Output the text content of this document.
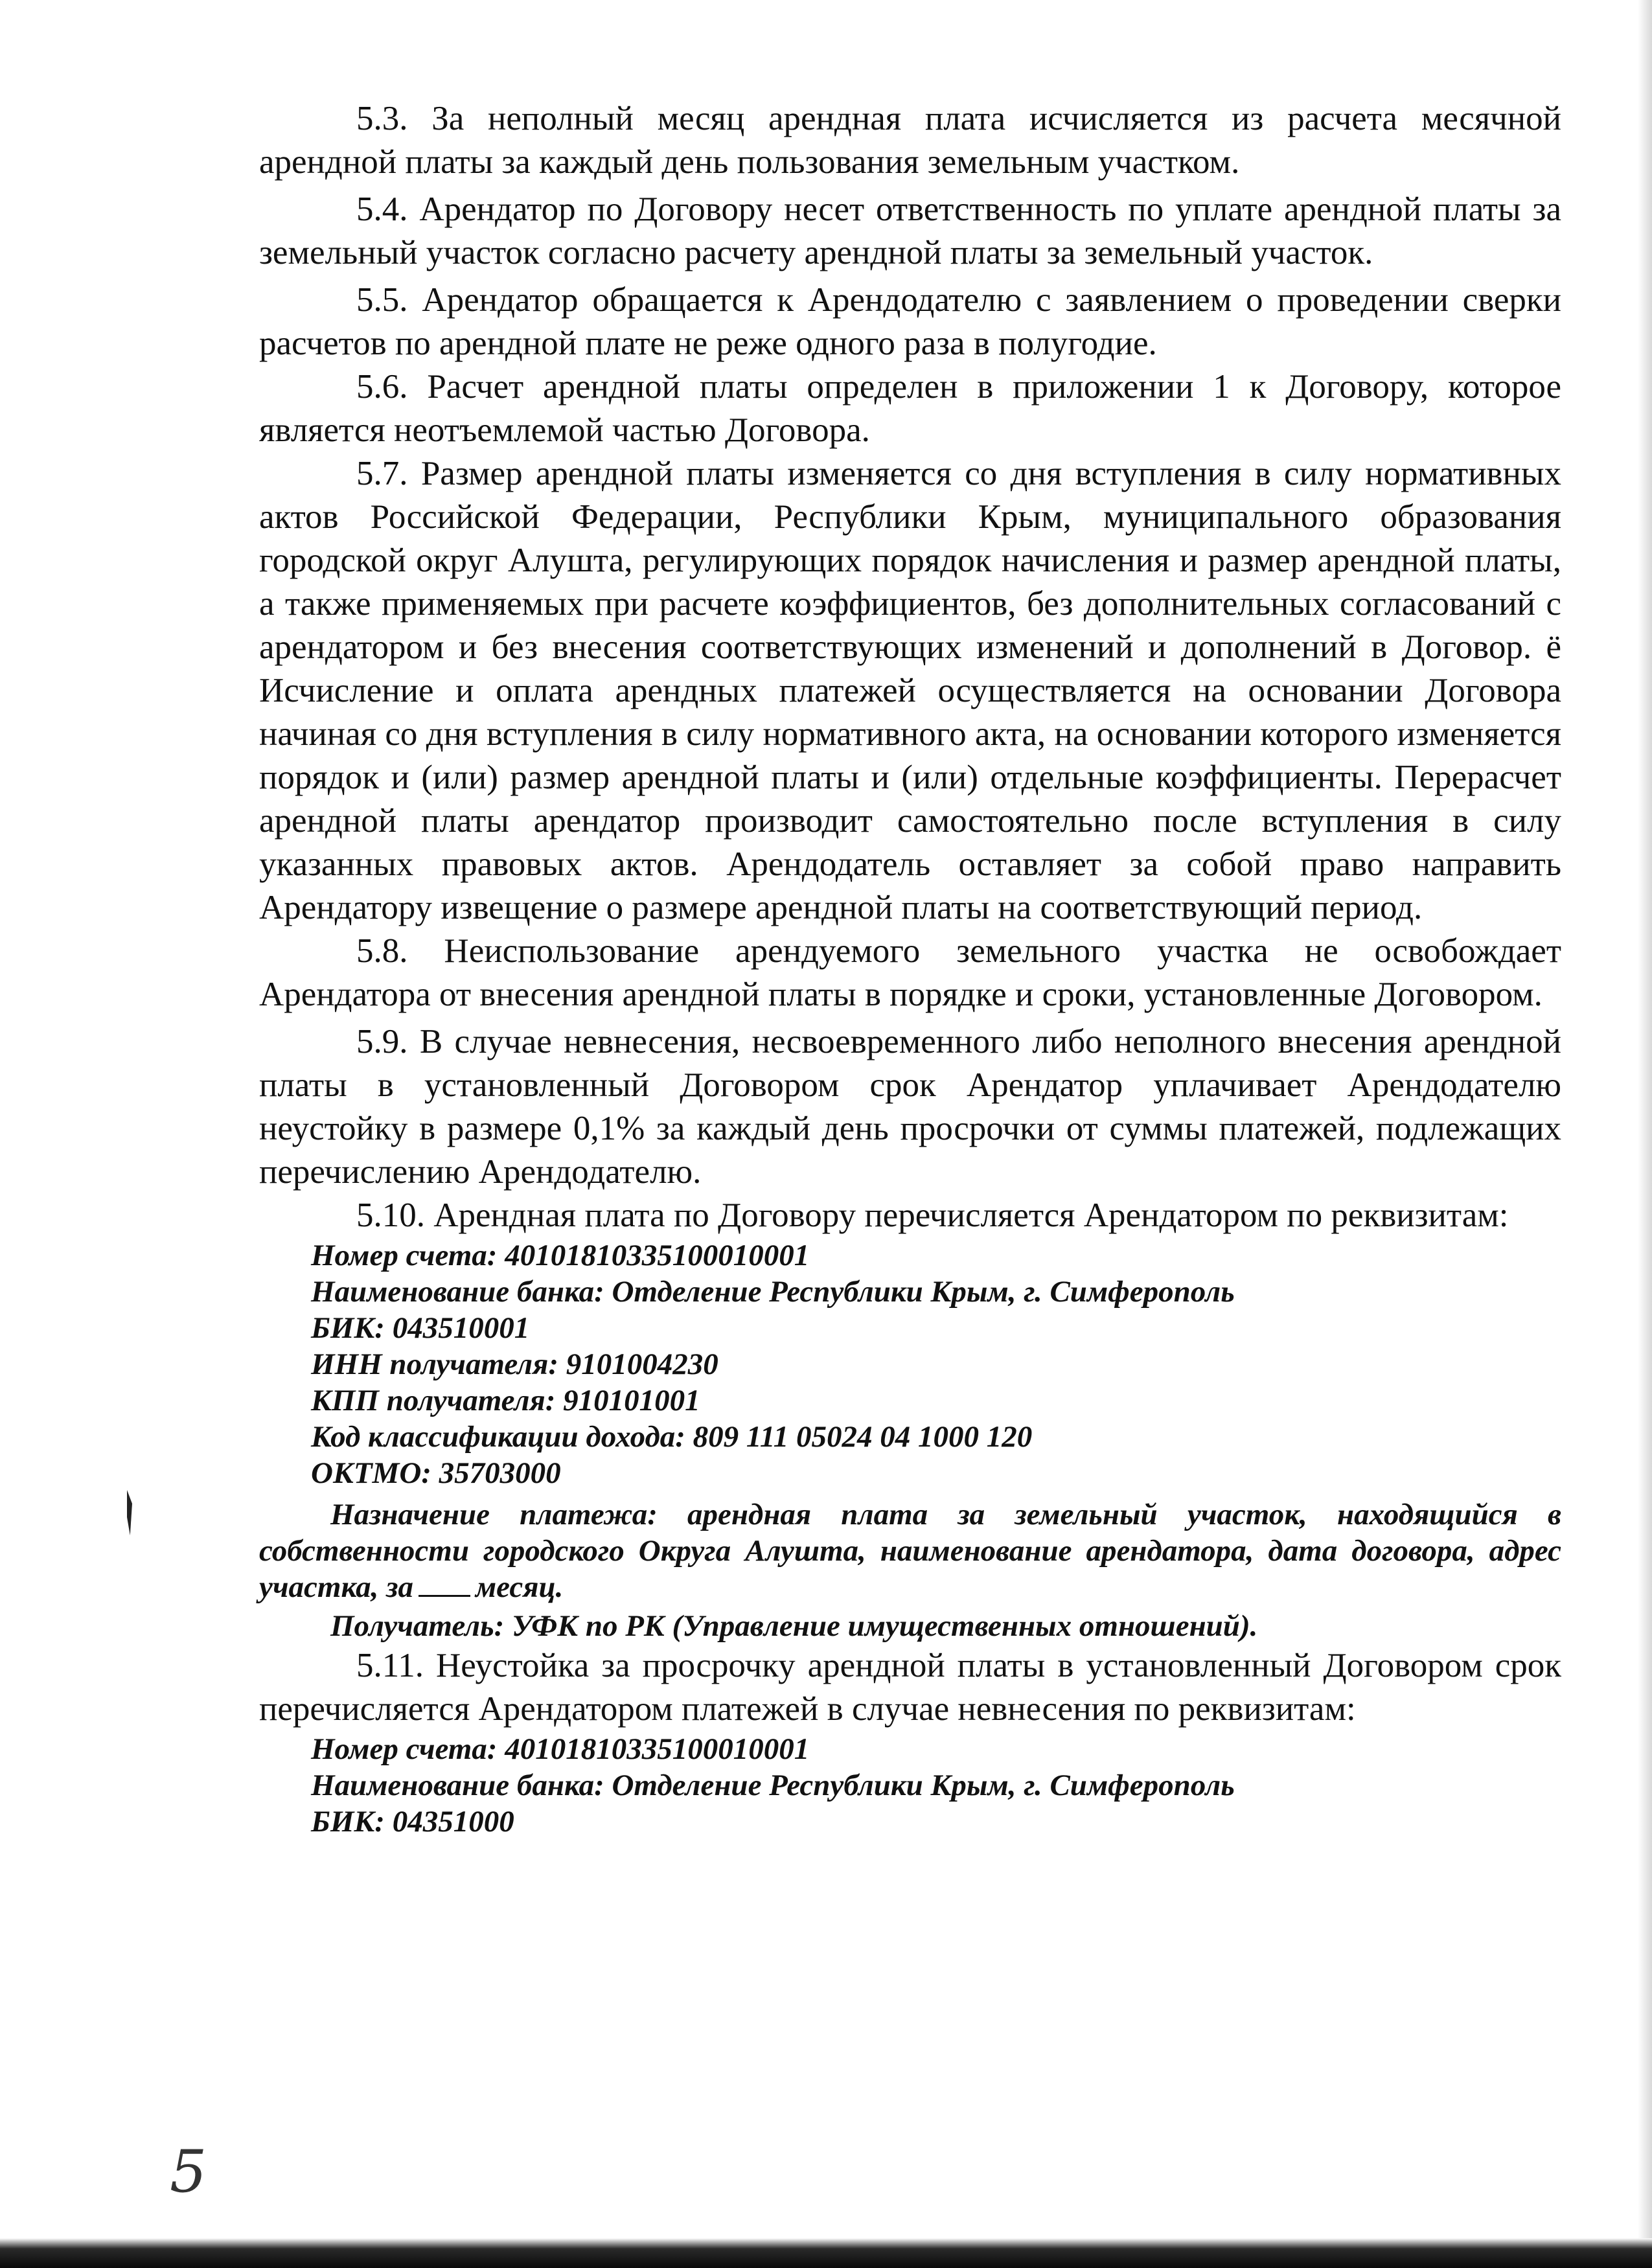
5.3. За неполный месяц арендная плата исчисляется из расчета месячной арендной платы за каждый день пользования земельным участком.

5.4. Арендатор по Договору несет ответственность по уплате арендной платы за земельный участок согласно расчету арендной платы за земельный участок.

5.5. Арендатор обращается к Арендодателю с заявлением о проведении сверки расчетов по арендной плате не реже одного раза в полугодие.

5.6. Расчет арендной платы определен в приложении 1 к Договору, которое является неотъемлемой частью Договора.

5.7. Размер арендной платы изменяется со дня вступления в силу нормативных актов Российской Федерации, Республики Крым, муниципального образования городской округ Алушта, регулирующих порядок начисления и размер арендной платы, а также применяемых при расчете коэффициентов, без дополнительных согласований с арендатором и без внесения соответствующих изменений и дополнений в Договор. ё Исчисление и оплата арендных платежей осуществляется на основании Договора начиная со дня вступления в силу нормативного акта, на основании которого изменяется порядок и (или) размер арендной платы и (или) отдельные коэффициенты. Перерасчет арендной платы арендатор производит самостоятельно после вступления в силу указанных правовых актов. Арендодатель оставляет за собой право направить Арендатору извещение о размере арендной платы на соответствующий период.

5.8. Неиспользование арендуемого земельного участка не освобождает Арендатора от внесения арендной платы в порядке и сроки, установленные Договором.

5.9. В случае невнесения, несвоевременного либо неполного внесения арендной платы в установленный Договором срок Арендатор уплачивает Арендодателю неустойку в размере 0,1% за каждый день просрочки от суммы платежей, подлежащих перечислению Арендодателю.

5.10. Арендная плата по Договору перечисляется Арендатором по реквизитам:

Номер счета: 40101810335100010001
Наименование банка: Отделение Республики Крым, г. Симферополь
БИК: 043510001
ИНН получателя: 9101004230
КПП получателя: 910101001
Код классификации дохода: 809 111 05024 04 1000 120
ОКТМО: 35703000

Назначение платежа: арендная плата за земельный участок, находящийся в собственности городского Округа Алушта, наименование арендатора, дата договора, адрес участка, за месяц.

Получатель: УФК по РК (Управление имущественных отношений).

5.11. Неустойка за просрочку арендной платы в установленный Договором срок перечисляется Арендатором платежей в случае невнесения по реквизитам:

Номер счета: 40101810335100010001
Наименование банка: Отделение Республики Крым, г. Симферополь
БИК: 04351000
5
